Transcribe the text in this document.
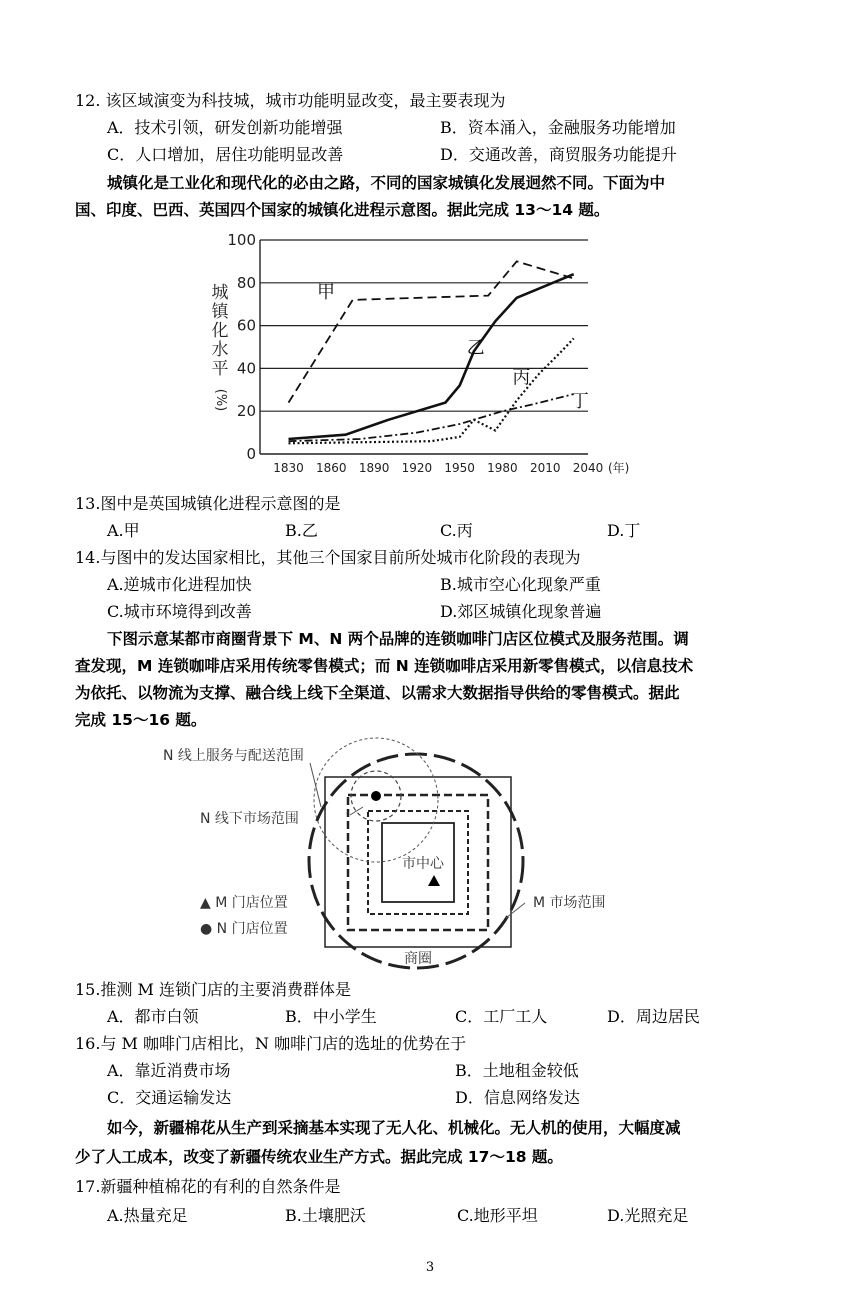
12. 该区域演变为科技城，城市功能明显改变，最主要表现为
A．技术引领，研发创新功能增强	B．资本涌入，金融服务功能增加
C．人口增加，居住功能明显改善	D．交通改善，商贸服务功能提升
城镇化是工业化和现代化的必由之路，不同的国家城镇化发展迥然不同。下面为中
国、印度、巴西、英国四个国家的城镇化进程示意图。据此完成 13～14 题。
0
20
40
60
80
100
1830 1860 1890 1920 1950 1980 2010 2040 (年)
城
镇
化
水
平
(%)
甲
乙
丙
丁
13.图中是英国城镇化进程示意图的是
A.甲	B.乙	C.丙	D.丁
14.与图中的发达国家相比，其他三个国家目前所处城市化阶段的表现为
A.逆城市化进程加快	B.城市空心化现象严重
C.城市环境得到改善	D.郊区城镇化现象普遍
下图示意某都市商圈背景下 M、N 两个品牌的连锁咖啡门店区位模式及服务范围。调
查发现，M 连锁咖啡店采用传统零售模式；而 N 连锁咖啡店采用新零售模式，以信息技术
为依托、以物流为支撑、融合线上线下全渠道、以需求大数据指导供给的零售模式。据此
完成 15～16 题。
N 线上服务与配送范围
N 线下市场范围
市中心
M 市场范围
▲ M 门店位置
● N 门店位置
商圈
15.推测 M 连锁门店的主要消费群体是
A．都市白领	B．中小学生	C．工厂工人	D．周边居民
16.与 M 咖啡门店相比，N 咖啡门店的选址的优势在于
A．靠近消费市场	B．土地租金较低
C．交通运输发达	D．信息网络发达
如今，新疆棉花从生产到采摘基本实现了无人化、机械化。无人机的使用，大幅度减
少了人工成本，改变了新疆传统农业生产方式。据此完成 17～18 题。
17.新疆种植棉花的有利的自然条件是
A.热量充足	B.土壤肥沃	C.地形平坦	D.光照充足
3
